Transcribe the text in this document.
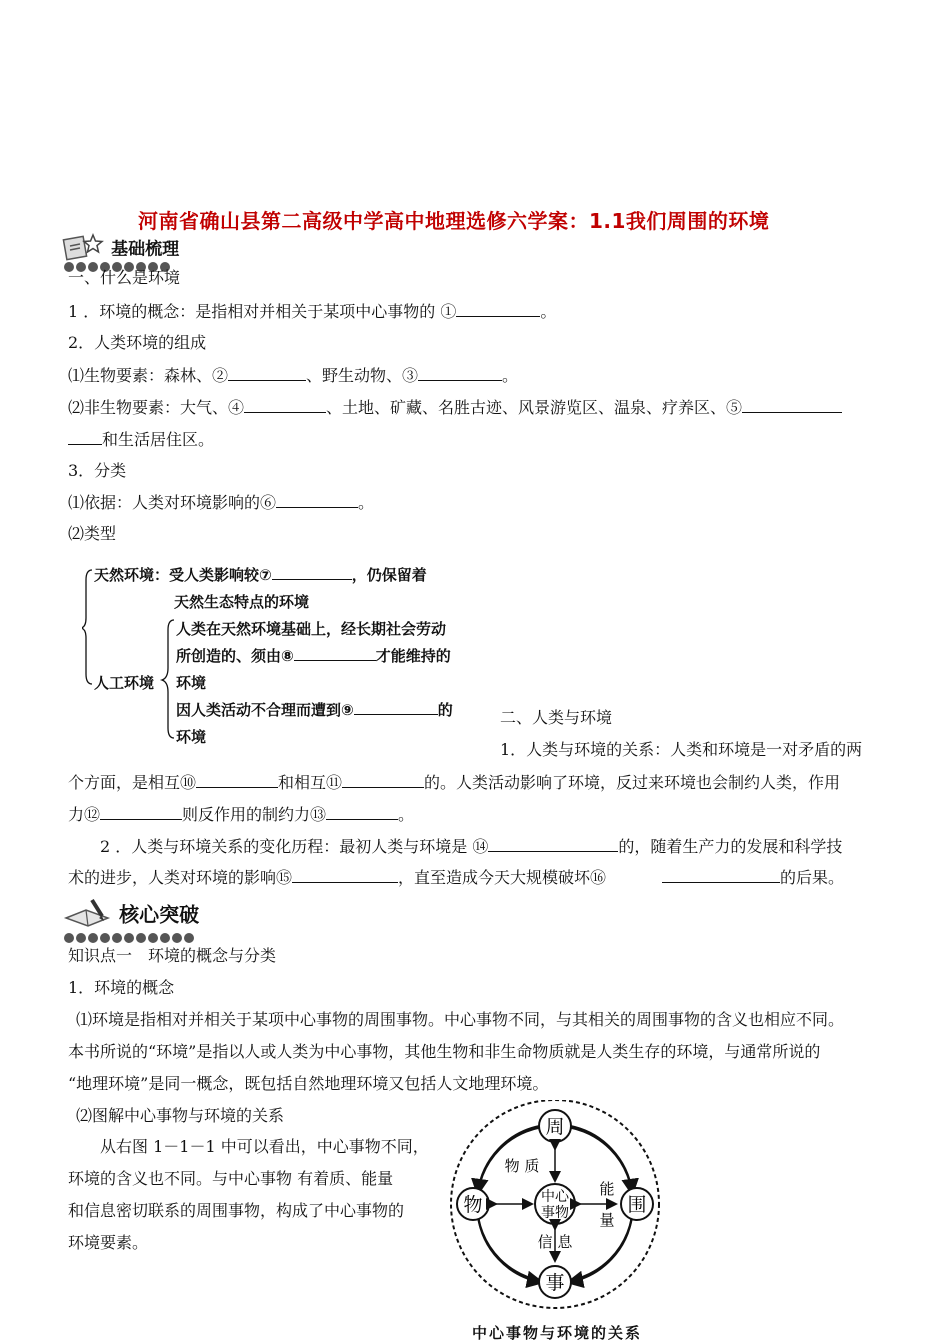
河南省确山县第二高级中学高中地理选修六学案：1.1我们周围的环境
基础梳理
一、什么是环境
1 ．环境的概念：是指相对并相关于某项中心事物的 ①	。
2．人类环境的组成
⑴生物要素：森林、②	、野生动物、③	。
⑵非生物要素：大气、④	、土地、矿藏、名胜古迹、风景游览区、温泉、疗养区、⑤
和生活居住区。
3．分类
⑴依据：人类对环境影响的⑥	。
⑵类型
天然环境：受人类影响较⑦	，仍保留着
天然生态特点的环境
人类在天然环境基础上，经长期社会劳动
所创造的、须由⑧	才能维持的
人工环境 环境
因人类活动不合理而遭到⑨	的
环境
二、人类与环境
1．人类与环境的关系：人类和环境是一对矛盾的两
个方面，是相互⑩	和相互⑪	的。人类活动影响了环境，反过来环境也会制约人类，作用
力⑫	则反作用的制约力⑬	。
2 ．人类与环境关系的变化历程：最初人类与环境是 ⑭	的，随着生产力的发展和科学技
术的进步，人类对环境的影响⑮	，直至造成今天大规模破坏⑯	的后果。
核心突破
知识点一　环境的概念与分类
1．环境的概念
⑴环境是指相对并相关于某项中心事物的周围事物。中心事物不同，与其相关的周围事物的含义也相应不同。
本书所说的“环境”是指以人或人类为中心事物，其他生物和非生命物质就是人类生存的环境，与通常所说的
“地理环境”是同一概念，既包括自然地理环境又包括人文地理环境。
⑵图解中心事物与环境的关系
从右图 1－1－1 中可以看出，中心事物不同，
环境的含义也不同。与中心事物 有着质、能量
和信息密切联系的周围事物，构成了中心事物的
环境要素。
周
物	围
事
中心
事物
物 质
能
量
信 息
中心事物与环境的关系
